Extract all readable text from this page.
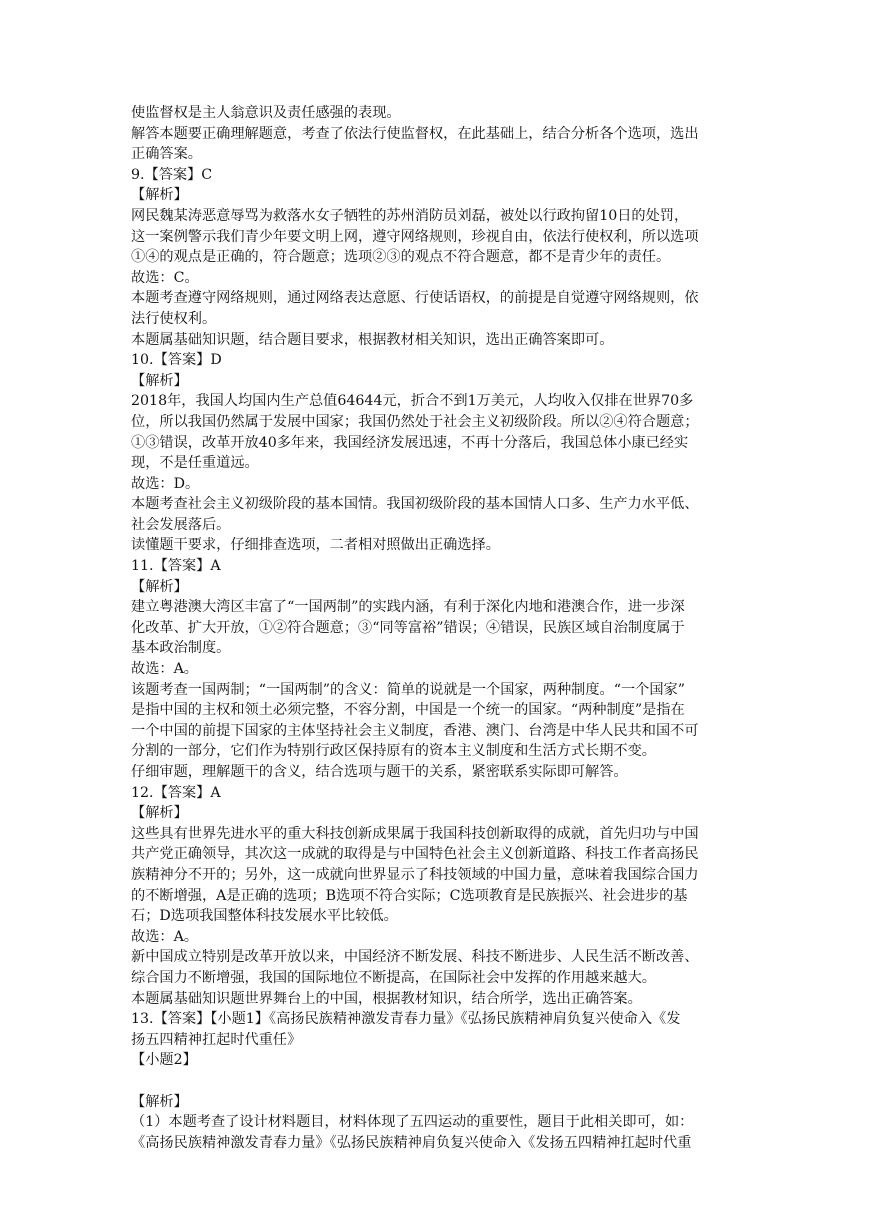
使监督权是主人翁意识及责任感强的表现。
解答本题要正确理解题意，考查了依法行使监督权，在此基础上，结合分析各个选项，选出
正确答案。
9.【答案】C
【解析】
网民魏某涛恶意辱骂为救落水女子牺牲的苏州消防员刘磊，被处以行政拘留10日的处罚，
这一案例警示我们青少年要文明上网，遵守网络规则，珍视自由，依法行使权利，所以选项
①④的观点是正确的，符合题意；选项②③的观点不符合题意，都不是青少年的责任。
故选：C。
本题考查遵守网络规则，通过网络表达意愿、行使话语权，的前提是自觉遵守网络规则，依
法行使权利。
本题属基础知识题，结合题目要求，根据教材相关知识，选出正确答案即可。
10.【答案】D
【解析】
2018年，我国人均国内生产总值64644元，折合不到1万美元，人均收入仅排在世界70多
位，所以我国仍然属于发展中国家；我国仍然处于社会主义初级阶段。所以②④符合题意；
①③错误，改革开放40多年来，我国经济发展迅速，不再十分落后，我国总体小康已经实
现，不是任重道远。
故选：D。
本题考查社会主义初级阶段的基本国情。我国初级阶段的基本国情人口多、生产力水平低、
社会发展落后。
读懂题干要求，仔细排查选项，二者相对照做出正确选择。
11.【答案】A
【解析】
建立粤港澳大湾区丰富了“一国两制”的实践内涵，有利于深化内地和港澳合作，进一步深
化改革、扩大开放，①②符合题意；③“同等富裕”错误；④错误，民族区域自治制度属于
基本政治制度。
故选：A。
该题考查一国两制；“一国两制”的含义：简单的说就是一个国家，两种制度。“一个国家”
是指中国的主权和领土必须完整，不容分割，中国是一个统一的国家。“两种制度”是指在
一个中国的前提下国家的主体坚持社会主义制度，香港、澳门、台湾是中华人民共和国不可
分割的一部分，它们作为特别行政区保持原有的资本主义制度和生活方式长期不变。
仔细审题，理解题干的含义，结合选项与题干的关系，紧密联系实际即可解答。
12.【答案】A
【解析】
这些具有世界先进水平的重大科技创新成果属于我国科技创新取得的成就，首先归功与中国
共产党正确领导，其次这一成就的取得是与中国特色社会主义创新道路、科技工作者高扬民
族精神分不开的；另外，这一成就向世界显示了科技领域的中国力量，意味着我国综合国力
的不断增强，A是正确的选项；B选项不符合实际；C选项教育是民族振兴、社会进步的基
石；D选项我国整体科技发展水平比较低。
故选：A。
新中国成立特别是改革开放以来，中国经济不断发展、科技不断进步、人民生活不断改善、
综合国力不断增强，我国的国际地位不断提高，在国际社会中发挥的作用越来越大。
本题属基础知识题世界舞台上的中国，根据教材知识，结合所学，选出正确答案。
13.【答案】【小题1】《高扬民族精神激发青春力量》《弘扬民族精神肩负复兴使命入《发
扬五四精神扛起时代重任》
【小题2】
【解析】
（1）本题考查了设计材料题目，材料体现了五四运动的重要性，题目于此相关即可，如：
《高扬民族精神激发青春力量》《弘扬民族精神肩负复兴使命入《发扬五四精神扛起时代重
